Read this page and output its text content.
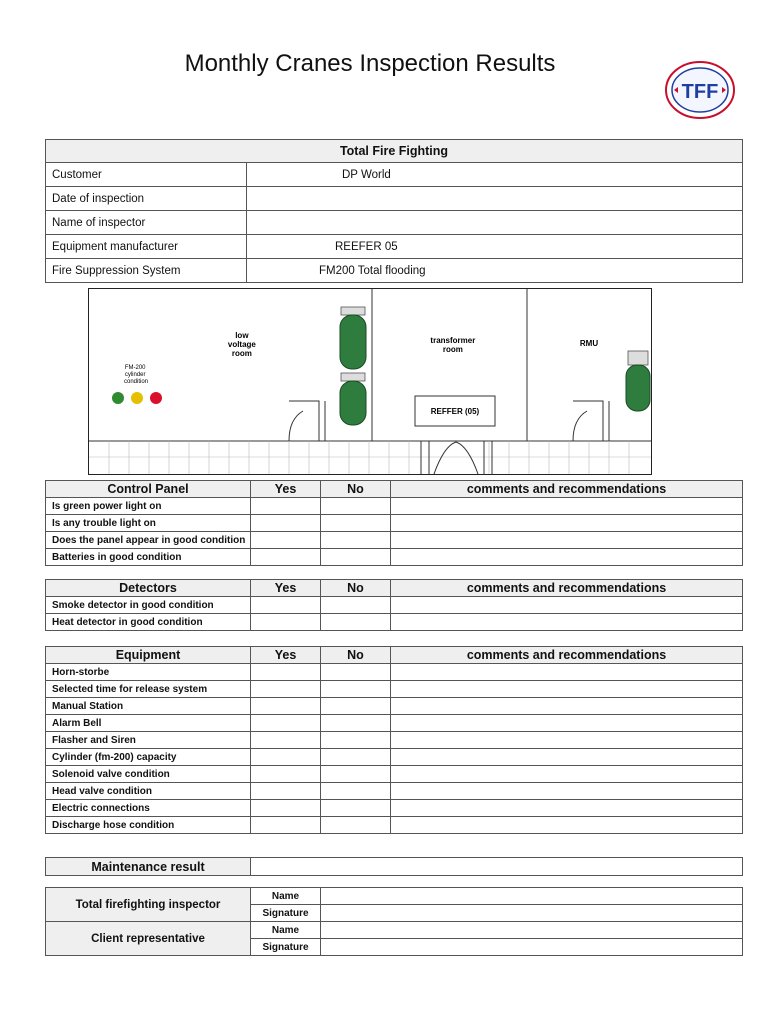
Monthly Cranes Inspection Results
TFF
Total Fire Fighting	
Customer	DP World
Date of inspection	
Name of inspector	
Equipment manufacturer	REEFER 05
Fire Suppression System	FM200 Total flooding
low voltage room transformer room RMU
FM-200 cylinder condition
REFFER (05)
Control Panel	Yes	No	comments and recommendations
Is green power light on			
Is any trouble light on			
Does the panel appear in good condition			
Batteries in good condition			
Detectors	Yes	No	comments and recommendations
Smoke detector in good condition			
Heat detector in good condition			
Equipment	Yes	No	comments and recommendations
Horn-storbe			
Selected time for release system			
Manual Station			
Alarm Bell			
Flasher and Siren			
Cylinder (fm-200) capacity			
Solenoid valve condition			
Head valve condition			
Electric connections			
Discharge hose condition			
Maintenance result	
Total firefighting inspector	Name	
	Signature	
Client representative	Name	
	Signature	
